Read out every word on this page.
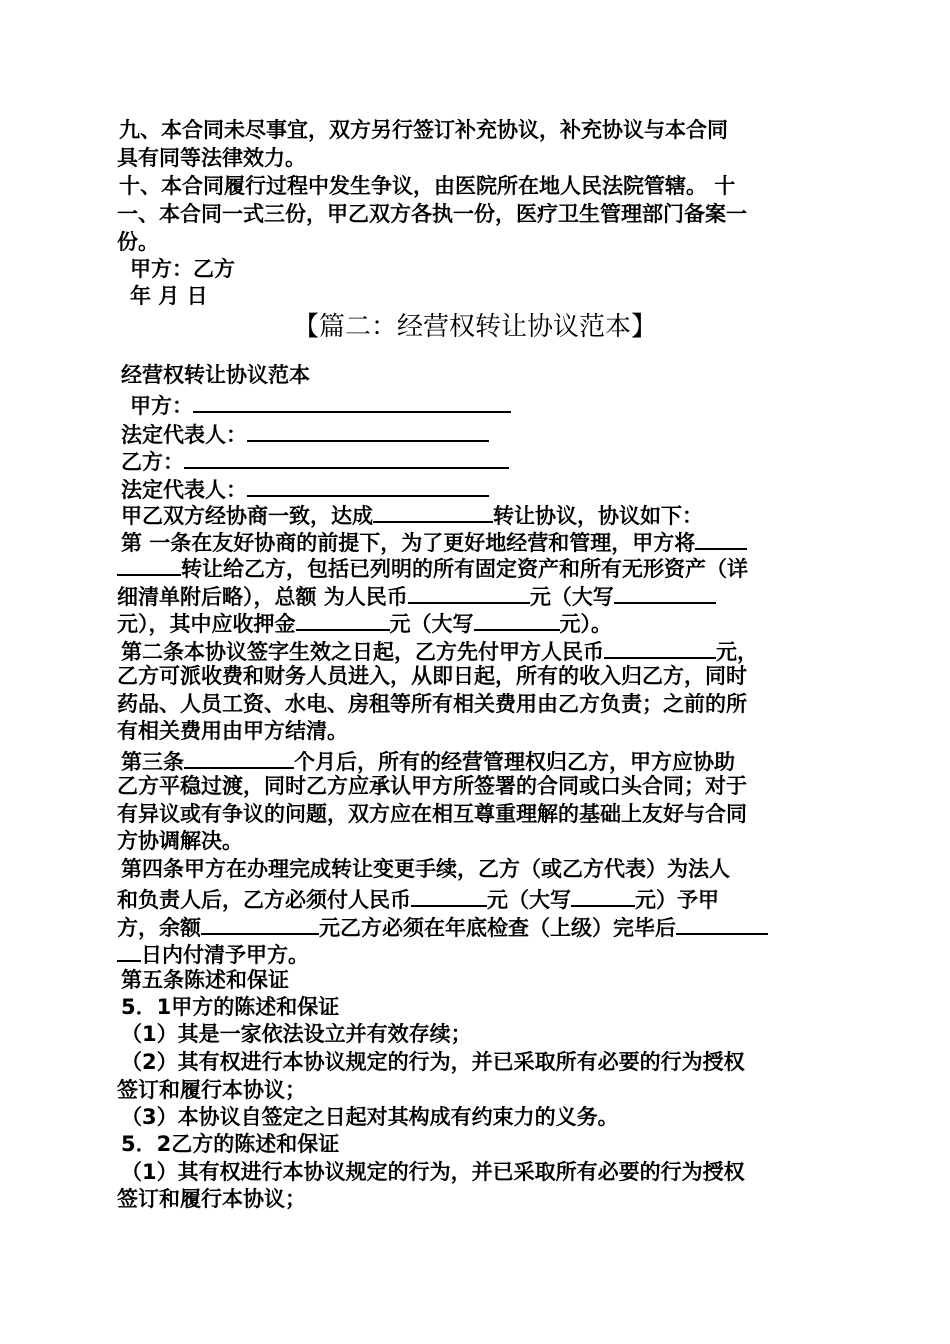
九、本合同未尽事宜，双方另行签订补充协议，补充协议与本合同
具有同等法律效力。
十、本合同履行过程中发生争议，由医院所在地人民法院管辖。 十
一、本合同一式三份，甲乙双方各执一份，医疗卫生管理部门备案一
份。
甲方：乙方
年 月 日
【篇二：经营权转让协议范本】
经营权转让协议范本
甲方：
法定代表人：
乙方：
法定代表人：
甲乙双方经协商一致，达成	转让协议，协议如下：
第 一条在友好协商的前提下，为了更好地经营和管理，甲方将
转让给乙方，包括已列明的所有固定资产和所有无形资产（详
细清单附后略），总额 为人民币	元（大写
元），其中应收押金	元（大写	元）。
第二条本协议签字生效之日起，乙方先付甲方人民币	元，
乙方可派收费和财务人员进入，从即日起，所有的收入归乙方，同时
药品、人员工资、水电、房租等所有相关费用由乙方负责；之前的所
有相关费用由甲方结清。
第三条	个月后，所有的经营管理权归乙方，甲方应协助
乙方平稳过渡，同时乙方应承认甲方所签署的合同或口头合同；对于
有异议或有争议的问题，双方应在相互尊重理解的基础上友好与合同
方协调解决。
第四条甲方在办理完成转让变更手续，乙方（或乙方代表）为法人
和负责人后，乙方必须付人民币	元（大写	元）予甲
方，余额	元乙方必须在年底检查（上级）完毕后
日内付清予甲方。
第五条陈述和保证
5．1甲方的陈述和保证
（1）其是一家依法设立并有效存续；
（2）其有权进行本协议规定的行为，并已采取所有必要的行为授权
签订和履行本协议；
（3）本协议自签定之日起对其构成有约束力的义务。
5．2乙方的陈述和保证
（1）其有权进行本协议规定的行为，并已采取所有必要的行为授权
签订和履行本协议；
